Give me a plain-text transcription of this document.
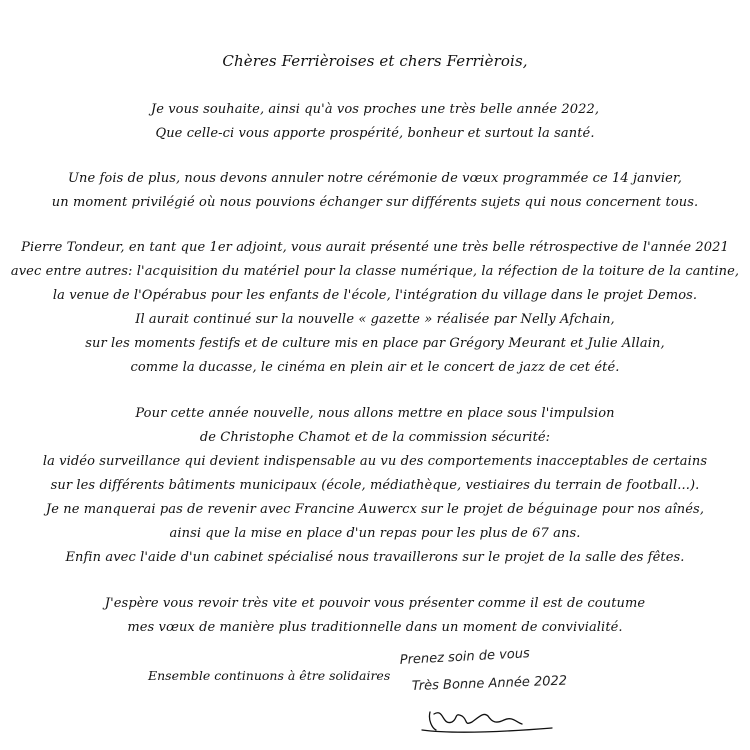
Chères Ferrièroises et chers Ferrièrois,
Je vous souhaite, ainsi qu'à vos proches une très belle année 2022,
Que celle-ci vous apporte prospérité, bonheur et surtout la santé.
Une fois de plus, nous devons annuler notre cérémonie de vœux programmée ce 14 janvier,
un moment privilégié où nous pouvions échanger sur différents sujets qui nous concernent tous.
Pierre Tondeur, en tant que 1er adjoint, vous aurait présenté une très belle rétrospective de l'année 2021
avec entre autres: l'acquisition du matériel pour la classe numérique, la réfection de la toiture de la cantine,
la venue de l'Opérabus pour les enfants de l'école, l'intégration du village dans le projet Demos.
Il aurait continué sur la nouvelle « gazette » réalisée par Nelly Afchain,
sur les moments festifs et de culture mis en place par Grégory Meurant et Julie Allain,
comme la ducasse, le cinéma en plein air et le concert de jazz de cet été.
Pour cette année nouvelle, nous allons mettre en place sous l'impulsion
de Christophe Chamot et de la commission sécurité:
la vidéo surveillance qui devient indispensable au vu des comportements inacceptables de certains
sur les différents bâtiments municipaux (école, médiathèque, vestiaires du terrain de football...).
Je ne manquerai pas de revenir avec Francine Auwercx sur le projet de béguinage pour nos aînés,
ainsi que la mise en place d'un repas pour les plus de 67 ans.
Enfin avec l'aide d'un cabinet spécialisé nous travaillerons sur le projet de la salle des fêtes.
J'espère vous revoir très vite et pouvoir vous présenter comme il est de coutume
mes vœux de manière plus traditionnelle dans un moment de convivialité.
Ensemble continuons à être solidaires
Prenez soin de vous
Très Bonne Année 2022
